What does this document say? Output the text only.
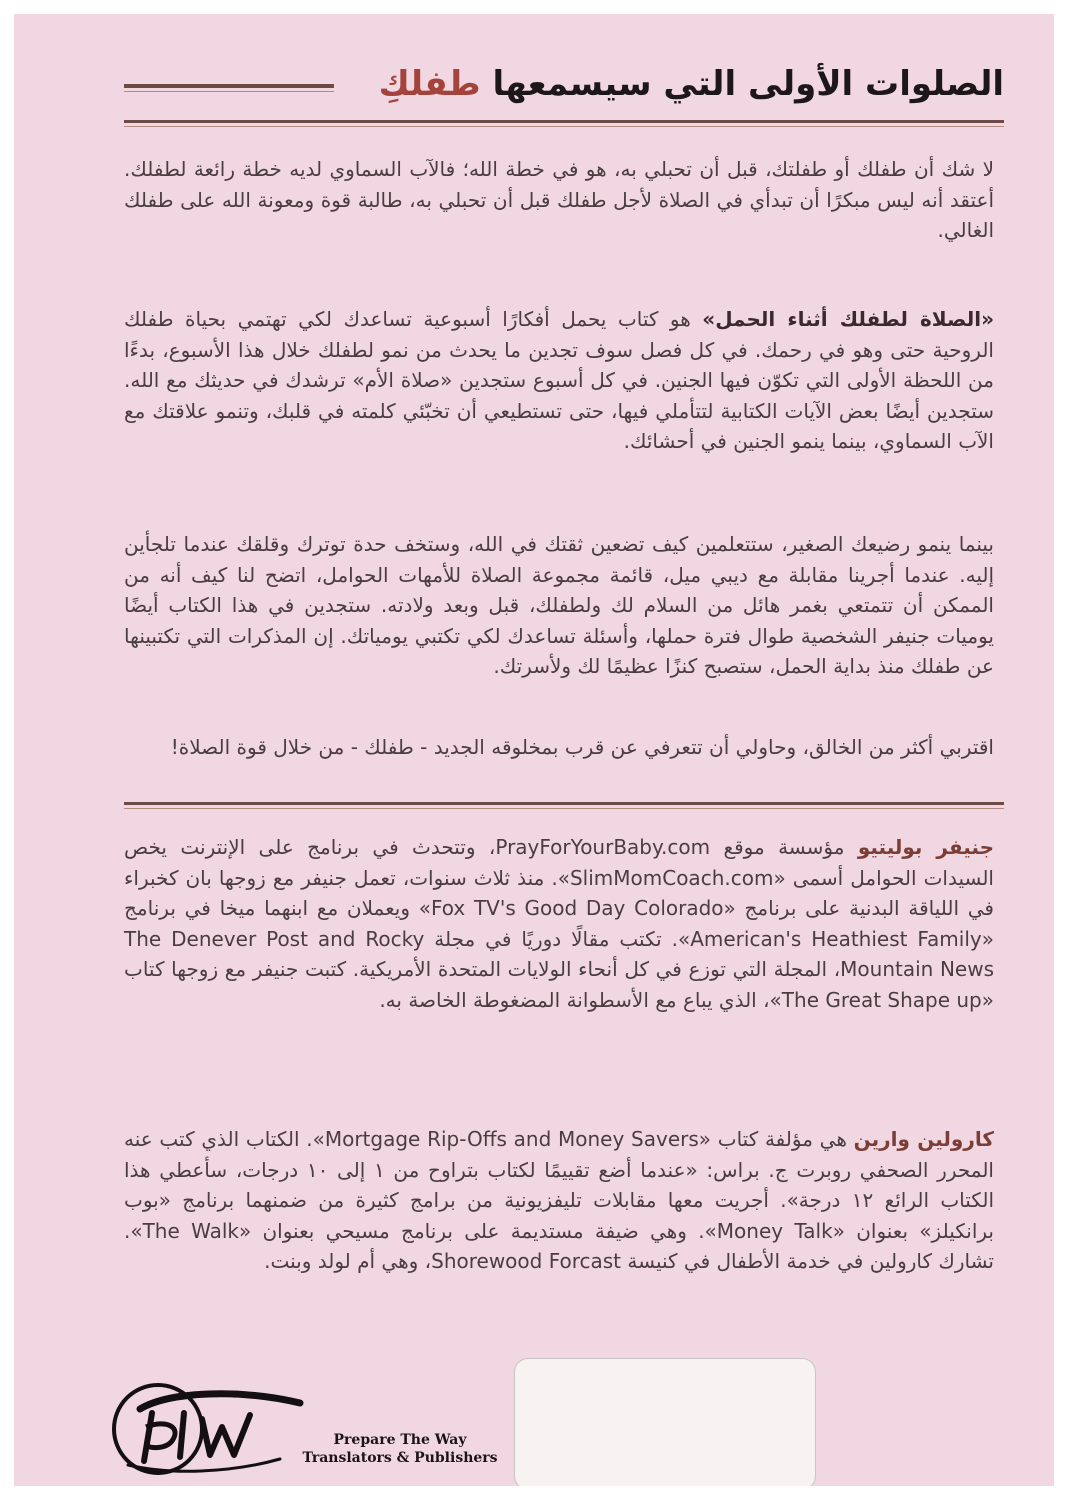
الصلوات الأولى التي سيسمعها طفلكِ

لا شك أن طفلك أو طفلتك، قبل أن تحبلي به، هو في خطة الله؛ فالآب السماوي لديه خطة رائعة لطفلك. أعتقد أنه ليس مبكرًا أن تبدأي في الصلاة لأجل طفلك قبل أن تحبلي به، طالبة قوة ومعونة الله على طفلك الغالي.

«الصلاة لطفلك أثناء الحمل» هو كتاب يحمل أفكارًا أسبوعية تساعدك لكي تهتمي بحياة طفلك الروحية حتى وهو في رحمك. في كل فصل سوف تجدين ما يحدث من نمو لطفلك خلال هذا الأسبوع، بدءًا من اللحظة الأولى التي تكوّن فيها الجنين. في كل أسبوع ستجدين «صلاة الأم» ترشدك في حديثك مع الله. ستجدين أيضًا بعض الآيات الكتابية لتتأملي فيها، حتى تستطيعي أن تخبّئي كلمته في قلبك، وتنمو علاقتك مع الآب السماوي، بينما ينمو الجنين في أحشائك.

بينما ينمو رضيعك الصغير، ستتعلمين كيف تضعين ثقتك في الله، وستخف حدة توترك وقلقك عندما تلجأين إليه. عندما أجرينا مقابلة مع ديبي ميل، قائمة مجموعة الصلاة للأمهات الحوامل، اتضح لنا كيف أنه من الممكن أن تتمتعي بغمر هائل من السلام لك ولطفلك، قبل وبعد ولادته. ستجدين في هذا الكتاب أيضًا يوميات جنيفر الشخصية طوال فترة حملها، وأسئلة تساعدك لكي تكتبي يومياتك. إن المذكرات التي تكتبينها عن طفلك منذ بداية الحمل، ستصبح كنزًا عظيمًا لك ولأسرتك.

اقتربي أكثر من الخالق، وحاولي أن تتعرفي عن قرب بمخلوقه الجديد - طفلك - من خلال قوة الصلاة!

جنيفر بوليتيو مؤسسة موقع PrayForYourBaby.com، وتتحدث في برنامج على الإنترنت يخص السيدات الحوامل أسمى «SlimMomCoach.com». منذ ثلاث سنوات، تعمل جنيفر مع زوجها بان كخبراء في اللياقة البدنية على برنامج «Fox TV's Good Day Colorado» ويعملان مع ابنهما ميخا في برنامج «American's Heathiest Family». تكتب مقالًا دوريًا في مجلة The Denever Post and Rocky Mountain News، المجلة التي توزع في كل أنحاء الولايات المتحدة الأمريكية. كتبت جنيفر مع زوجها كتاب «The Great Shape up»، الذي يباع مع الأسطوانة المضغوطة الخاصة به.

كارولين وارين هي مؤلفة كتاب «Mortgage Rip-Offs and Money Savers». الكتاب الذي كتب عنه المحرر الصحفي روبرت ج. براس: «عندما أضع تقييمًا لكتاب بتراوح من ١ إلى ١٠ درجات، سأعطي هذا الكتاب الرائع ١٢ درجة». أجريت معها مقابلات تليفزيونية من برامج كثيرة من ضمنهما برنامج «بوب برانكيلز» بعنوان «Money Talk». وهي ضيفة مستديمة على برنامج مسيحي بعنوان «The Walk». تشارك كارولين في خدمة الأطفال في كنيسة Shorewood Forcast، وهي أم لولد وبنت.

Prepare The Way
Translators & Publishers
